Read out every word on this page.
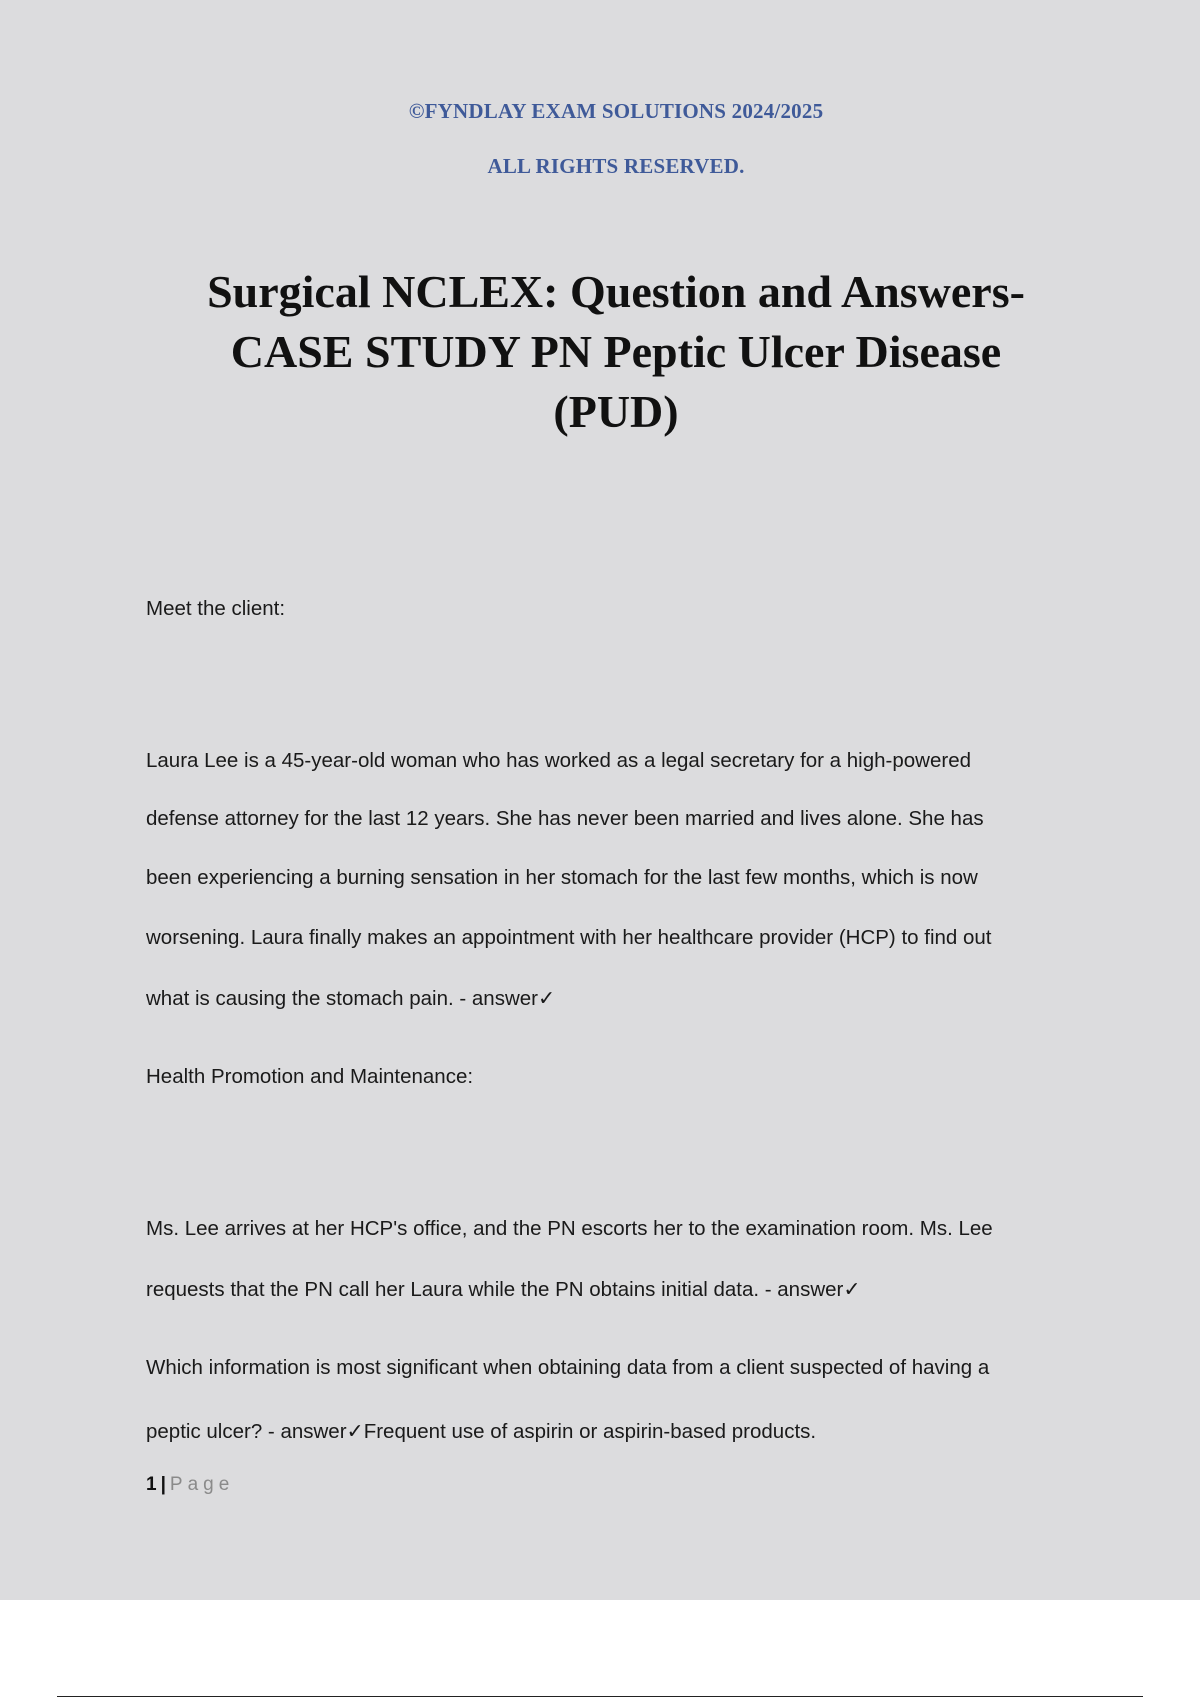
©FYNDLAY EXAM SOLUTIONS 2024/2025
ALL RIGHTS RESERVED.
Surgical NCLEX: Question and Answers-
CASE STUDY PN Peptic Ulcer Disease
(PUD)

Meet the client:

Laura Lee is a 45-year-old woman who has worked as a legal secretary for a high-powered

defense attorney for the last 12 years. She has never been married and lives alone. She has

been experiencing a burning sensation in her stomach for the last few months, which is now

worsening. Laura finally makes an appointment with her healthcare provider (HCP) to find out

what is causing the stomach pain. - answer✓

Health Promotion and Maintenance:

Ms. Lee arrives at her HCP's office, and the PN escorts her to the examination room. Ms. Lee

requests that the PN call her Laura while the PN obtains initial data. - answer✓

Which information is most significant when obtaining data from a client suspected of having a

peptic ulcer? - answer✓Frequent use of aspirin or aspirin-based products.

1 | Page
